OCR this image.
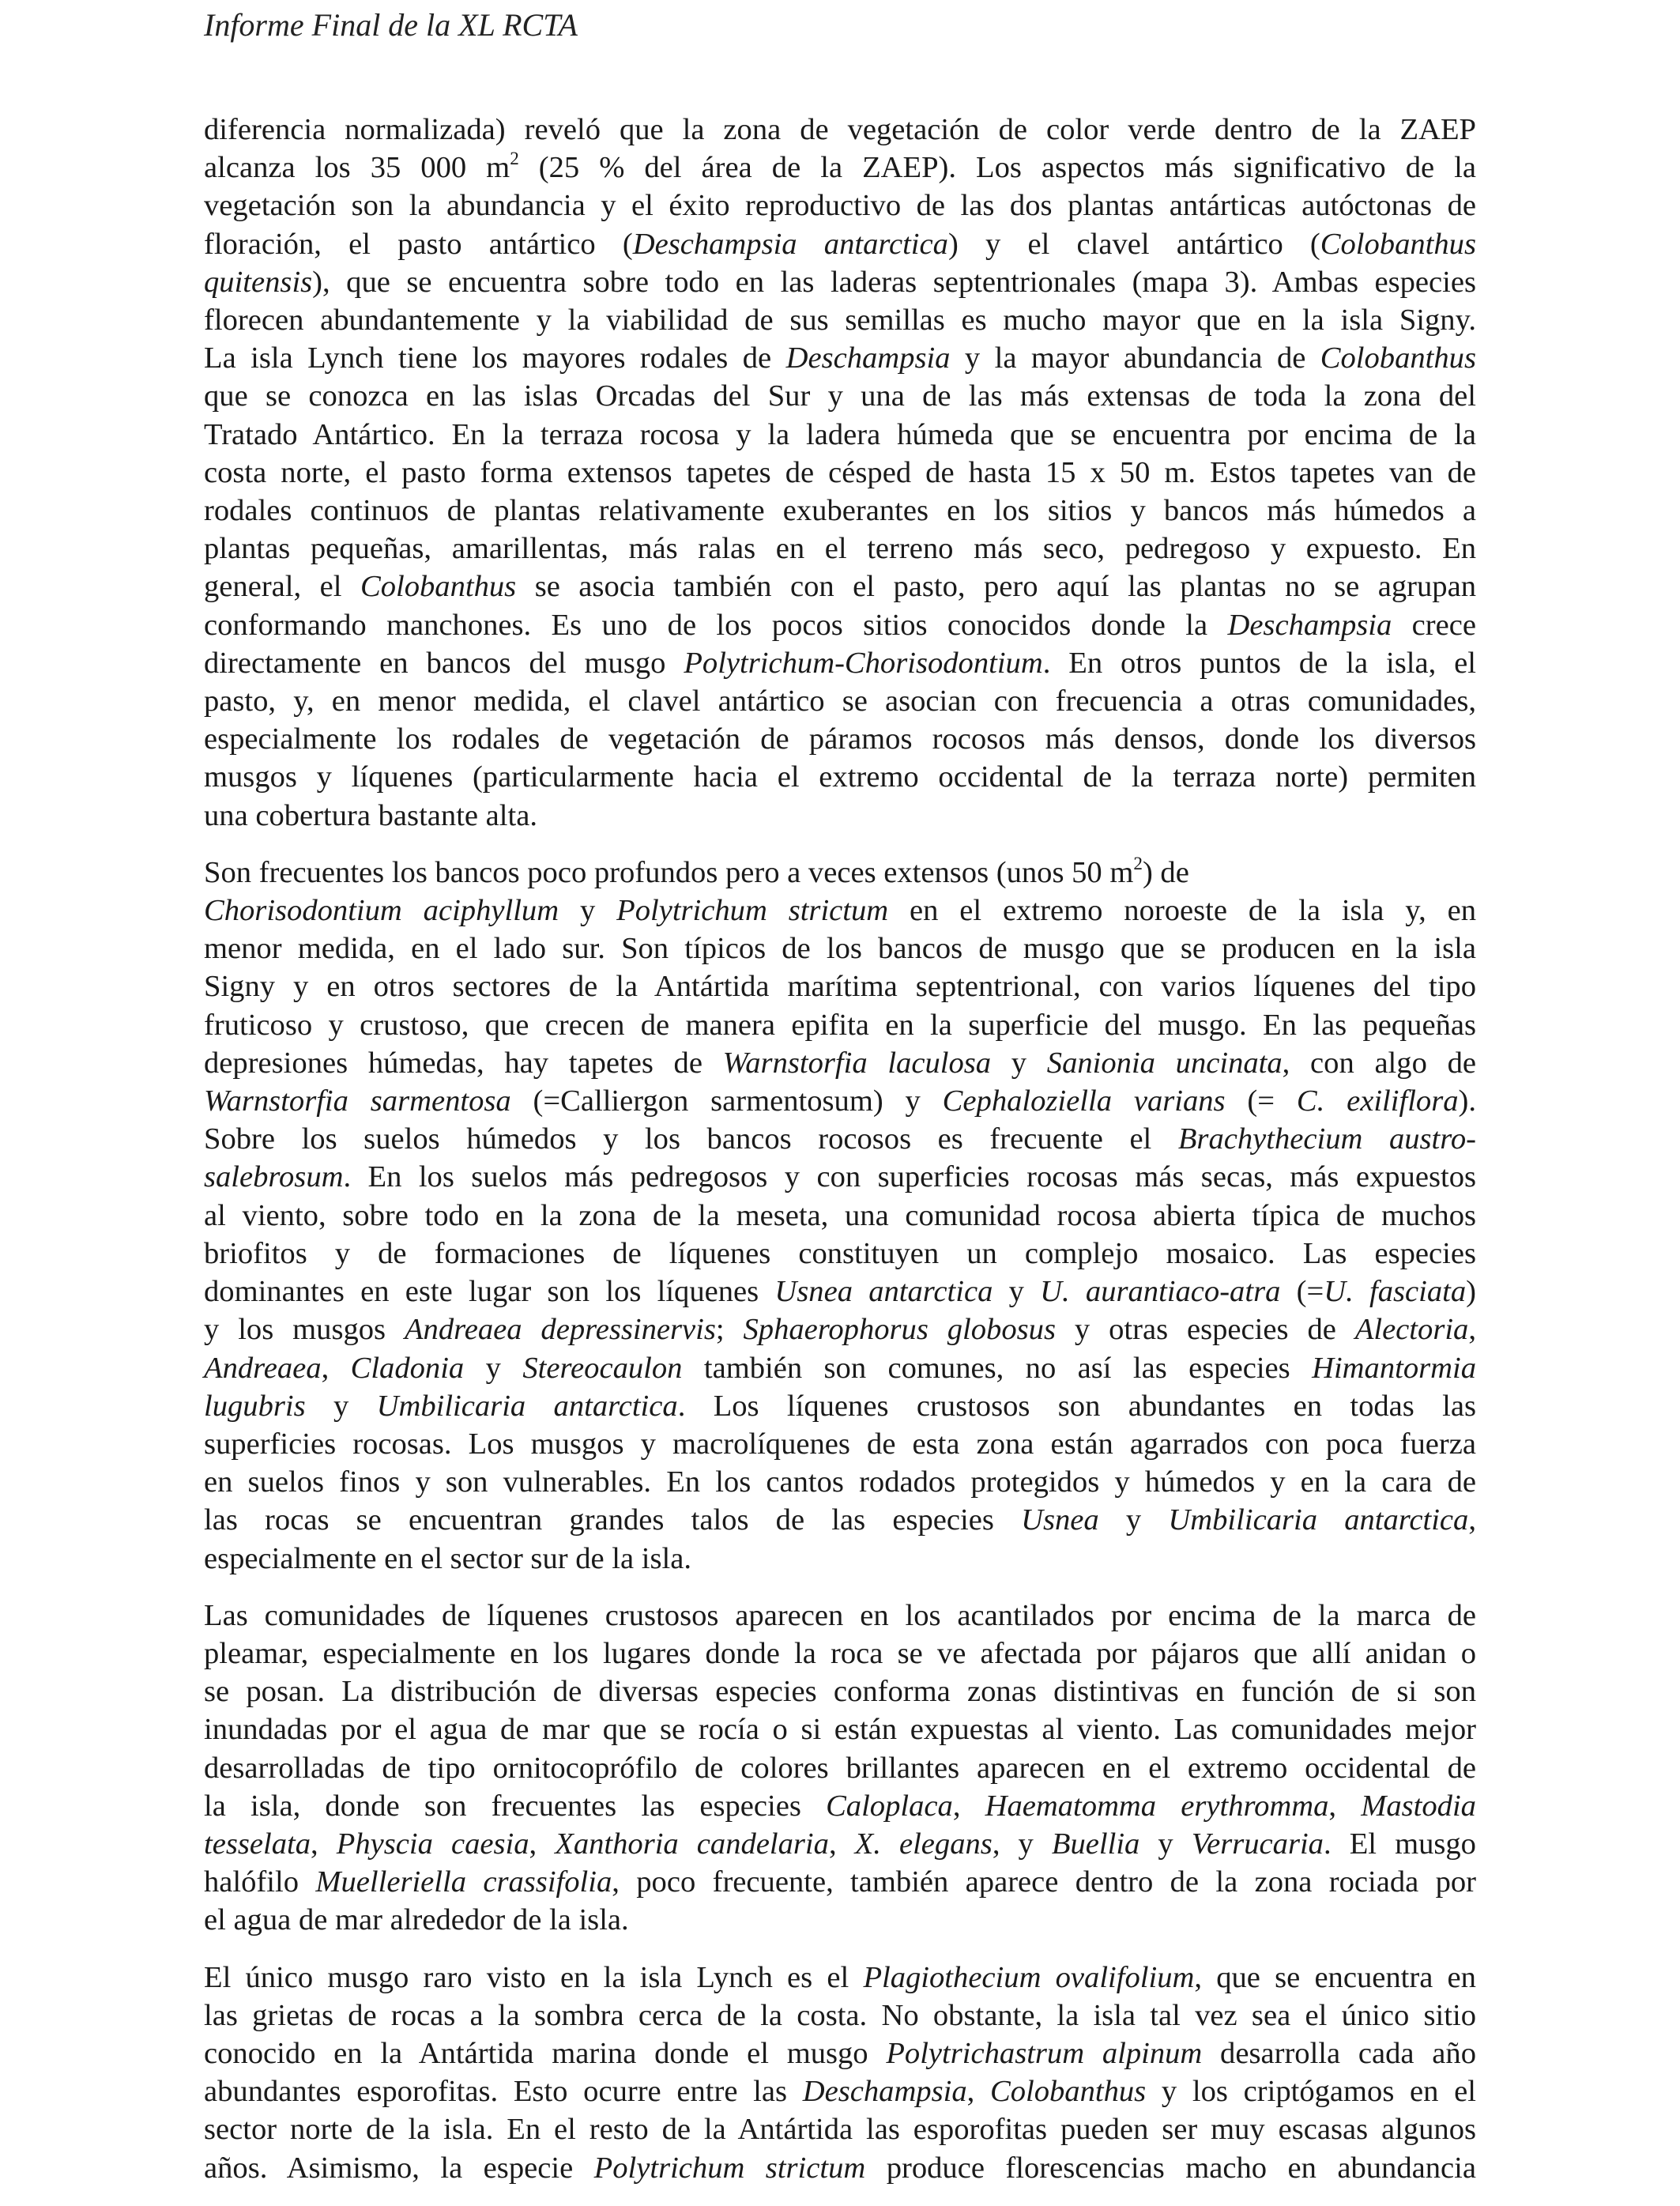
Informe Final de la XL RCTA

diferencia normalizada) reveló que la zona de vegetación de color verde dentro de la ZAEP
alcanza los 35 000 $m^2$ (25 % del área de la ZAEP). Los aspectos más significativo de la
vegetación son la abundancia y el éxito reproductivo de las dos plantas antárticas autóctonas de
floración, el pasto antártico (Deschampsia antarctica) y el clavel antártico (Colobanthus
quitensis), que se encuentra sobre todo en las laderas septentrionales (mapa 3). Ambas especies
florecen abundantemente y la viabilidad de sus semillas es mucho mayor que en la isla Signy.
La isla Lynch tiene los mayores rodales de Deschampsia y la mayor abundancia de Colobanthus
que se conozca en las islas Orcadas del Sur y una de las más extensas de toda la zona del
Tratado Antártico. En la terraza rocosa y la ladera húmeda que se encuentra por encima de la
costa norte, el pasto forma extensos tapetes de césped de hasta 15 x 50 m. Estos tapetes van de
rodales continuos de plantas relativamente exuberantes en los sitios y bancos más húmedos a
plantas pequeñas, amarillentas, más ralas en el terreno más seco, pedregoso y expuesto. En
general, el Colobanthus se asocia también con el pasto, pero aquí las plantas no se agrupan
conformando manchones. Es uno de los pocos sitios conocidos donde la Deschampsia crece
directamente en bancos del musgo Polytrichum-Chorisodontium. En otros puntos de la isla, el
pasto, y, en menor medida, el clavel antártico se asocian con frecuencia a otras comunidades,
especialmente los rodales de vegetación de páramos rocosos más densos, donde los diversos
musgos y líquenes (particularmente hacia el extremo occidental de la terraza norte) permiten
una cobertura bastante alta.

Son frecuentes los bancos poco profundos pero a veces extensos (unos 50 $m^2$) de
Chorisodontium aciphyllum y Polytrichum strictum en el extremo noroeste de la isla y, en
menor medida, en el lado sur. Son típicos de los bancos de musgo que se producen en la isla
Signy y en otros sectores de la Antártida marítima septentrional, con varios líquenes del tipo
fruticoso y crustoso, que crecen de manera epifita en la superficie del musgo. En las pequeñas
depresiones húmedas, hay tapetes de Warnstorfia laculosa y Sanionia uncinata, con algo de
Warnstorfia sarmentosa (=Calliergon sarmentosum) y Cephaloziella varians (= C. exiliflora).
Sobre los suelos húmedos y los bancos rocosos es frecuente el Brachythecium austro-
salebrosum. En los suelos más pedregosos y con superficies rocosas más secas, más expuestos
al viento, sobre todo en la zona de la meseta, una comunidad rocosa abierta típica de muchos
briofitos y de formaciones de líquenes constituyen un complejo mosaico. Las especies
dominantes en este lugar son los líquenes Usnea antarctica y U. aurantiaco-atra (=U. fasciata)
y los musgos Andreaea depressinervis; Sphaerophorus globosus y otras especies de Alectoria,
Andreaea, Cladonia y Stereocaulon también son comunes, no así las especies Himantormia
lugubris y Umbilicaria antarctica. Los líquenes crustosos son abundantes en todas las
superficies rocosas. Los musgos y macrolíquenes de esta zona están agarrados con poca fuerza
en suelos finos y son vulnerables. En los cantos rodados protegidos y húmedos y en la cara de
las rocas se encuentran grandes talos de las especies Usnea y Umbilicaria antarctica,
especialmente en el sector sur de la isla.

Las comunidades de líquenes crustosos aparecen en los acantilados por encima de la marca de
pleamar, especialmente en los lugares donde la roca se ve afectada por pájaros que allí anidan o
se posan. La distribución de diversas especies conforma zonas distintivas en función de si son
inundadas por el agua de mar que se rocía o si están expuestas al viento. Las comunidades mejor
desarrolladas de tipo ornitocoprófilo de colores brillantes aparecen en el extremo occidental de
la isla, donde son frecuentes las especies Caloplaca, Haematomma erythromma, Mastodia
tesselata, Physcia caesia, Xanthoria candelaria, X. elegans, y Buellia y Verrucaria. El musgo
halófilo Muelleriella crassifolia, poco frecuente, también aparece dentro de la zona rociada por
el agua de mar alrededor de la isla.

El único musgo raro visto en la isla Lynch es el Plagiothecium ovalifolium, que se encuentra en
las grietas de rocas a la sombra cerca de la costa. No obstante, la isla tal vez sea el único sitio
conocido en la Antártida marina donde el musgo Polytrichastrum alpinum desarrolla cada año
abundantes esporofitas. Esto ocurre entre las Deschampsia, Colobanthus y los criptógamos en el
sector norte de la isla. En el resto de la Antártida las esporofitas pueden ser muy escasas algunos
años. Asimismo, la especie Polytrichum strictum produce florescencias macho en abundancia
